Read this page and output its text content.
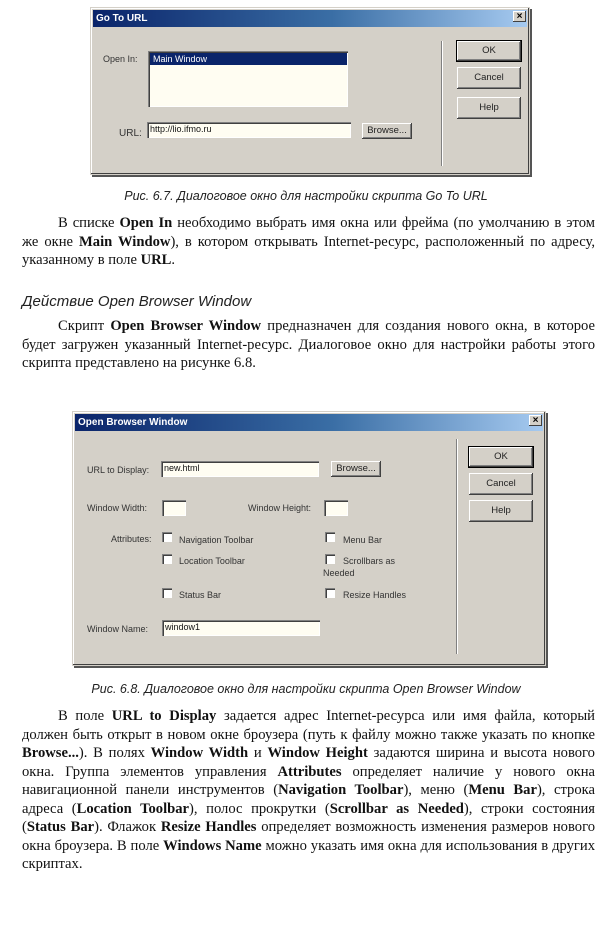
Go To URL	×
Open In:	Main Window
URL: http://lio.ifmo.ru	Browse...
OK
Cancel
Help
Рис. 6.7. Диалоговое окно для настройки скрипта Go To URL

В списке Open In необходимо выбрать имя окна или фрейма (по умолчанию в этом же окне Main Window), в котором открывать Internet-ресурс, расположенный по адресу, указанному в поле URL.

Действие Open Browser Window

Скрипт Open Browser Window предназначен для создания нового окна, в которое будет загружен указанный Internet-ресурс. Диалоговое окно для настройки работы этого скрипта представлено на рисунке 6.8.

Open Browser Window	×
URL to Display:	new.html	Browse...
Window Width:	Window Height:
Attributes:	Navigation Toolbar	Menu Bar
Location Toolbar	Scrollbars as
Needed
Status Bar	Resize Handles
Window Name:	window1
OK
Cancel
Help
Рис. 6.8. Диалоговое окно для настройки скрипта Open Browser Window

В поле URL to Display задается адрес Internet-ресурса или имя файла, который должен быть открыт в новом окне броузера (путь к файлу можно также указать по кнопке Browse...). В полях Window Width и Window Height задаются ширина и высота нового окна. Группа элементов управления Attributes определяет наличие у нового окна навигационной панели инструментов (Navigation Toolbar), меню (Menu Bar), строка адреса (Location Toolbar), полос прокрутки (Scrollbar as Needed), строки состояния (Status Bar). Флажок Resize Handles определяет возможность изменения размеров нового окна броузера. В поле Windows Name можно указать имя окна для использования в других скриптах.
